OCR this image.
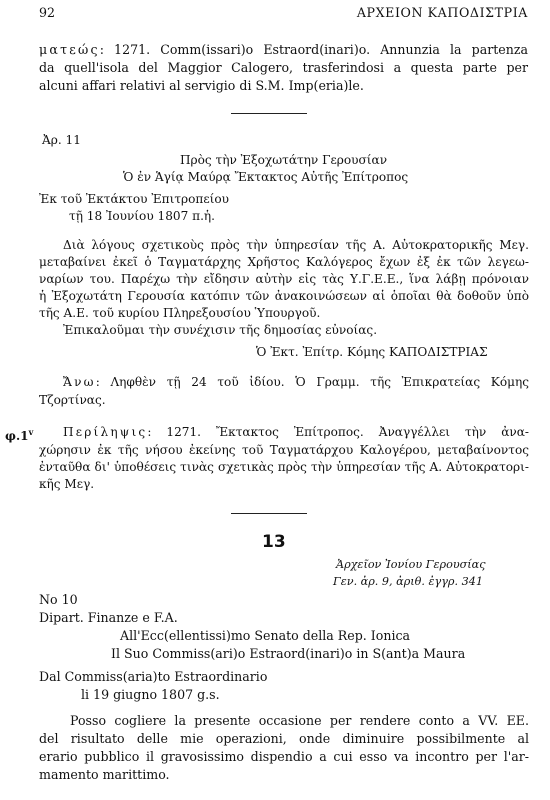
92	ΑΡΧΕΙΟΝ ΚΑΠΟΔΙΣΤΡΙΑ
ματεώς: 1271. Comm(issari)o Estraord(inari)o. Annunzia la partenza
da quell'isola del Maggior Calogero, trasferindosi a questa parte per
alcuni affari relativi al servigio di S.M. Imp(eria)le.
Ἀρ. 11
Πρὸς τὴν Ἐξοχωτάτην Γερουσίαν
Ὁ ἐν Ἁγίᾳ Μαύρᾳ Ἔκτακτος Αὐτῆς Ἐπίτροπος
Ἐκ τοῦ Ἐκτάκτου Ἐπιτροπείου
τῇ 18 Ἰουνίου 1807 π.ἡ.
Διὰ λόγους σχετικοὺς πρὸς τὴν ὑπηρεσίαν τῆς Α. Αὐτοκρατορικῆς Μεγ.
μεταβαίνει ἐκεῖ ὁ Ταγματάρχης Χρῆστος Καλόγερος ἔχων ἐξ ἐκ τῶν λεγεω-
ναρίων του. Παρέχω τὴν εἴδησιν αὐτὴν εἰς τὰς Υ.Γ.Ε.Ε., ἵνα λάβῃ πρόνοιαν
ἡ Ἐξοχωτάτη Γερουσία κατόπιν τῶν ἀνακοινώσεων αἱ ὁποῖαι θὰ δοθοῦν ὑπὸ
τῆς Α.Ε. τοῦ κυρίου Πληρεξουσίου Ὑπουργοῦ.
Ἐπικαλοῦμαι τὴν συνέχισιν τῆς δημοσίας εὐνοίας.
Ὁ Ἐκτ. Ἐπίτρ. Κόμης ΚΑΠΟΔΙΣΤΡΙΑΣ
Ἄνω: Ληφθὲν τῇ 24 τοῦ ἰδίου. Ὁ Γραμμ. τῆς Ἐπικρατείας Κόμης
Τζορτίνας.
φ.1$^v$ Περίληψις: 1271. Ἔκτακτος Ἐπίτροπος. Ἀναγγέλλει τὴν ἀνα-
χώρησιν ἐκ τῆς νήσου ἐκείνης τοῦ Ταγματάρχου Καλογέρου, μεταβαίνοντος
ἐνταῦθα δι' ὑποθέσεις τινὰς σχετικὰς πρὸς τὴν ὑπηρεσίαν τῆς Α. Αὐτοκρατορι-
κῆς Μεγ.
13
Ἀρχεῖον Ἰονίου Γερουσίας
Γεν. ἀρ. 9, ἀριθ. ἐγγρ. 341
No 10
Dipart. Finanze e F.A.
All'Ecc(ellentissi)mo Senato della Rep. Ionica
Il Suo Commiss(ari)o Estraord(inari)o in S(ant)a Maura
Dal Commiss(aria)to Estraordinario
li 19 giugno 1807 g.s.
Posso cogliere la presente occasione per rendere conto a VV. EE.
del risultato delle mie operazioni, onde diminuire possibilmente al
erario pubblico il gravosissimo dispendio a cui esso va incontro per l'ar-
mamento marittimo.
